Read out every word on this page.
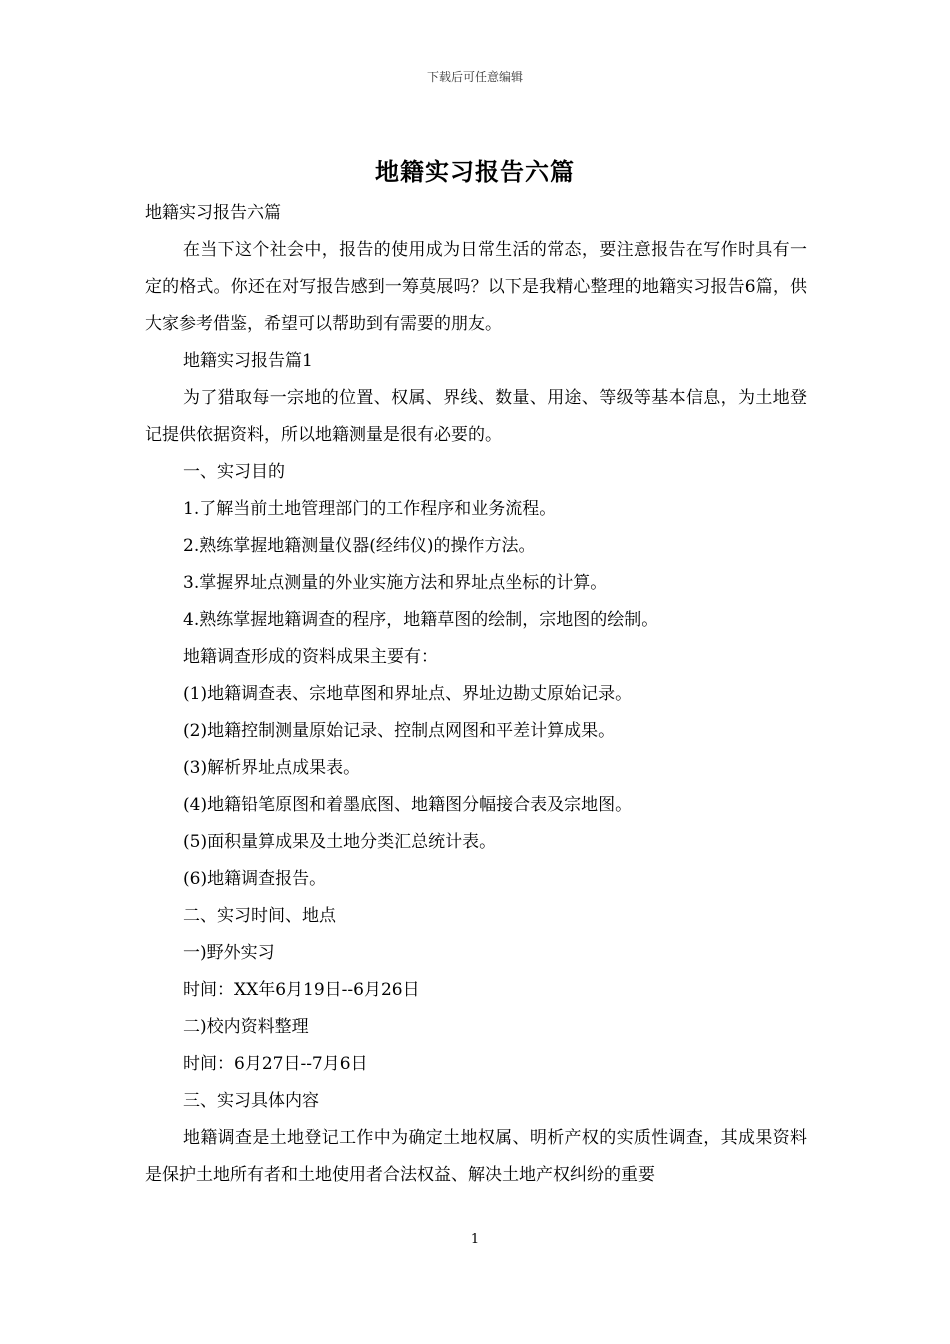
下载后可任意编辑
地籍实习报告六篇

地籍实习报告六篇

在当下这个社会中，报告的使用成为日常生活的常态，要注意报告在写作时具有一定的格式。你还在对写报告感到一筹莫展吗？以下是我精心整理的地籍实习报告6篇，供大家参考借鉴，希望可以帮助到有需要的朋友。

地籍实习报告篇1

为了猎取每一宗地的位置、权属、界线、数量、用途、等级等基本信息，为土地登记提供依据资料，所以地籍测量是很有必要的。

一、实习目的

1.了解当前土地管理部门的工作程序和业务流程。

2.熟练掌握地籍测量仪器(经纬仪)的操作方法。

3.掌握界址点测量的外业实施方法和界址点坐标的计算。

4.熟练掌握地籍调查的程序，地籍草图的绘制，宗地图的绘制。

地籍调查形成的资料成果主要有：

(1)地籍调查表、宗地草图和界址点、界址边勘丈原始记录。

(2)地籍控制测量原始记录、控制点网图和平差计算成果。

(3)解析界址点成果表。

(4)地籍铅笔原图和着墨底图、地籍图分幅接合表及宗地图。

(5)面积量算成果及土地分类汇总统计表。

(6)地籍调查报告。

二、实习时间、地点

一)野外实习

时间：XX年6月19日--6月26日

二)校内资料整理

时间：6月27日--7月6日

三、实习具体内容

地籍调查是土地登记工作中为确定土地权属、明析产权的实质性调查，其成果资料是保护土地所有者和土地使用者合法权益、解决土地产权纠纷的重要

1
